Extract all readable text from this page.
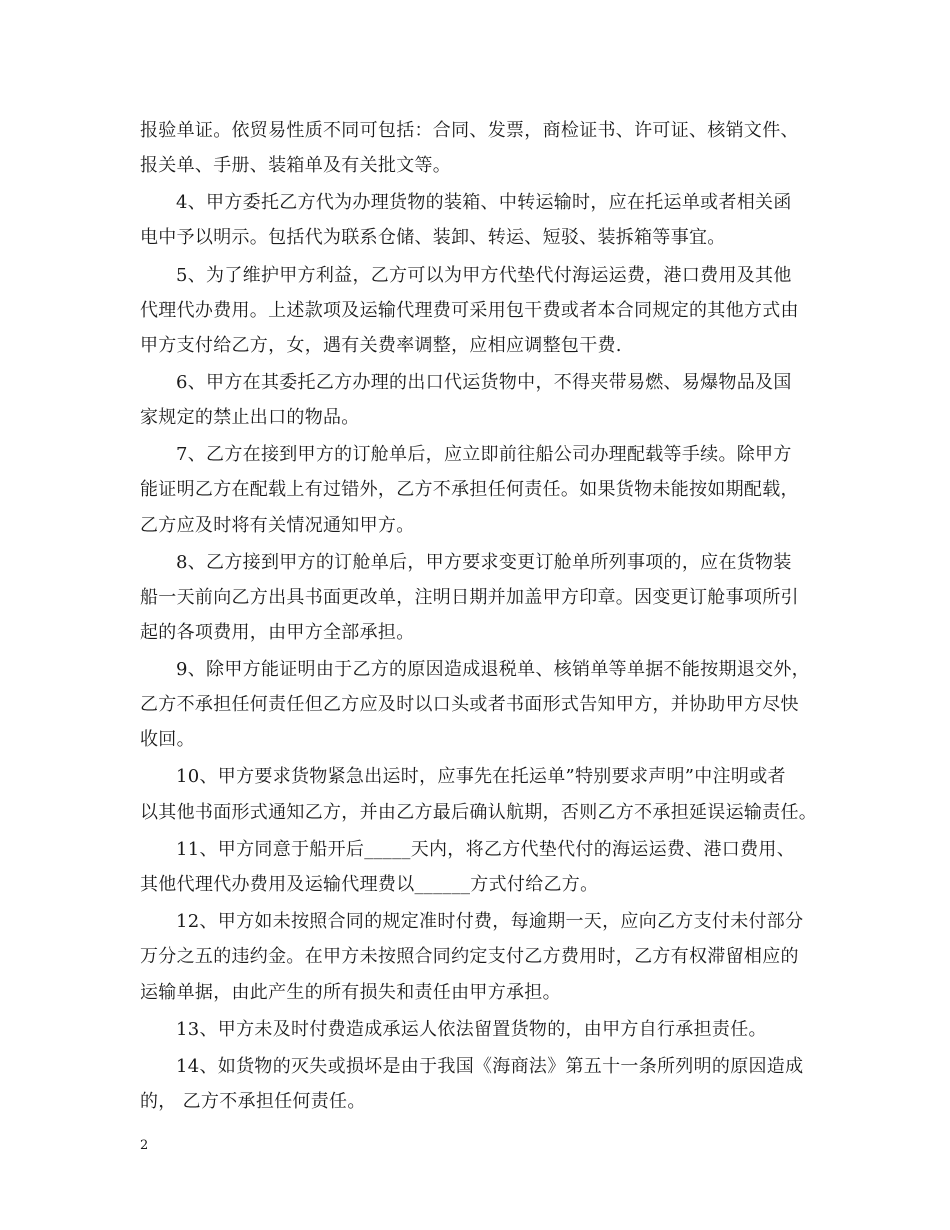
报验单证。依贸易性质不同可包括：合同、发票，商检证书、许可证、核销文件、
报关单、手册、装箱单及有关批文等。
4、甲方委托乙方代为办理货物的装箱、中转运输时，应在托运单或者相关函
电中予以明示。包括代为联系仓储、装卸、转运、短驳、装拆箱等事宜。
5、为了维护甲方利益，乙方可以为甲方代垫代付海运运费，港口费用及其他
代理代办费用。上述款项及运输代理费可采用包干费或者本合同规定的其他方式由
甲方支付给乙方，女，遇有关费率调整，应相应调整包干费.
6、甲方在其委托乙方办理的出口代运货物中，不得夹带易燃、易爆物品及国
家规定的禁止出口的物品。
7、乙方在接到甲方的订舱单后，应立即前往船公司办理配载等手续。除甲方
能证明乙方在配载上有过错外，乙方不承担任何责任。如果货物未能按如期配载，
乙方应及时将有关情况通知甲方。
8、乙方接到甲方的订舱单后，甲方要求变更订舱单所列事项的，应在货物装
船一天前向乙方出具书面更改单，注明日期并加盖甲方印章。因变更订舱事项所引
起的各项费用，由甲方全部承担。
9、除甲方能证明由于乙方的原因造成退税单、核销单等单据不能按期退交外，
乙方不承担任何责任但乙方应及时以口头或者书面形式告知甲方，并协助甲方尽快
收回。
10、甲方要求货物紧急出运时，应事先在托运单”特别要求声明”中注明或者
以其他书面形式通知乙方，并由乙方最后确认航期，否则乙方不承担延误运输责任。
11、甲方同意于船开后_____天内，将乙方代垫代付的海运运费、港口费用、
其他代理代办费用及运输代理费以______方式付给乙方。
12、甲方如未按照合同的规定准时付费，每逾期一天，应向乙方支付未付部分
万分之五的违约金。在甲方未按照合同约定支付乙方费用时，乙方有权滞留相应的
运输单据，由此产生的所有损失和责任由甲方承担。
13、甲方未及时付费造成承运人依法留置货物的，由甲方自行承担责任。
14、如货物的灭失或损坏是由于我国《海商法》第五十一条所列明的原因造成
的， 乙方不承担任何责任。
2
